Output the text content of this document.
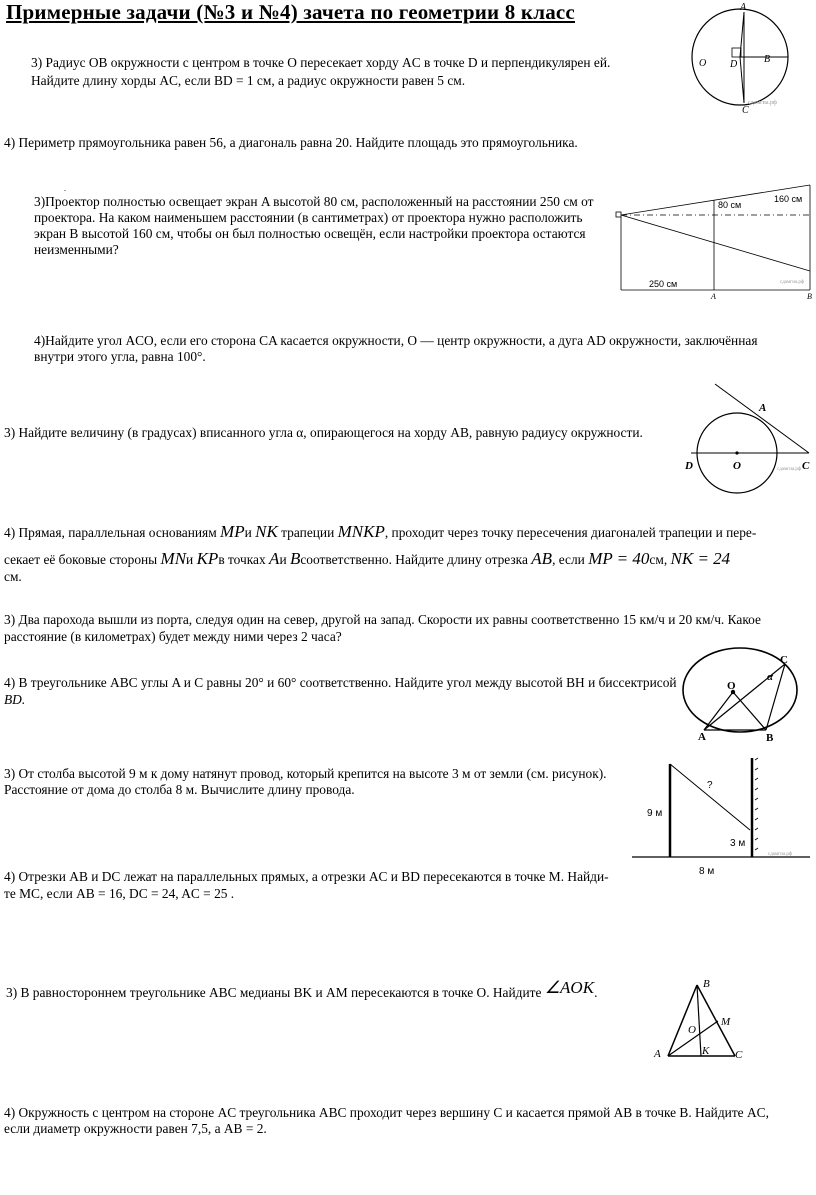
Примерные задачи (№3 и №4) зачета по геометрии 8 класс

3) Радиус OB окружности с центром в точке O пересекает хорду AC в точке D и перпендикулярен ей.

Найдите длину хорды AC, если BD = 1 см, а радиус окружности равен 5 см.

A
B
O D
C
сдамгиа.рф

4) Периметр прямоугольника равен 56, а диагональ равна 20. Найдите площадь это прямоугольника.

.

3)Проектор полностью освещает экран A высотой 80 см, расположенный на расстоянии 250 см от

проектора. На каком наименьшем расстоянии (в сантиметрах) от проектора нужно расположить

экран B высотой 160 см, чтобы он был полностью освещён, если настройки проектора остаются

неизменными?

80 см
160 см
250 см
A	B
сдамгиа.рф

4)Найдите угол ACO, если его сторона CA касается окружности, O — центр окружности, а дуга AD окружности, заключённая

внутри этого угла, равна 100°.

A
D	O	C
сдамгиа.рф

3) Найдите величину (в градусах) вписанного угла α, опирающегося на хорду AB, равную радиусу окружности.

4) Прямая, параллельная основаниям MPи NK трапеции MNKP, проходит через точку пересечения диагоналей трапеции и пере-
секает её боковые стороны MNи KPв точках Aи Bсоответственно. Найдите длину отрезка AB, если MP = 40см, NK = 24

см.

3) Два парохода вышли из порта, следуя один на север, другой на запад. Скорости их равны соответственно 15 км/ч и 20 км/ч. Какое

расстояние (в километрах) будет между ними через 2 часа?

4) В треугольнике ABC углы A и C равны 20° и 60° соответственно. Найдите угол между высотой BH и биссектрисой

BD.

C
O
α
A	B

3) От столба высотой 9 м к дому натянут провод, который крепится на высоте 3 м от земли (см. рисунок).

Расстояние от дома до столба 8 м. Вычислите длину провода.

9 м
3 м
8 м
?
сдамгиа.рф

4) Отрезки AB и DC лежат на параллельных прямых, а отрезки AC и BD пересекаются в точке M. Найди-

те MC, если AB = 16, DC = 24, AC = 25 .

3) В равностороннем треугольнике ABC медианы BK и AM пересекаются в точке O. Найдите ∠AOK.
B
M
O
A	K C

4) Окружность с центром на стороне AC треугольника ABC проходит через вершину C и касается прямой AB в точке B. Найдите AC,

если диаметр окружности равен 7,5, а AB = 2.
